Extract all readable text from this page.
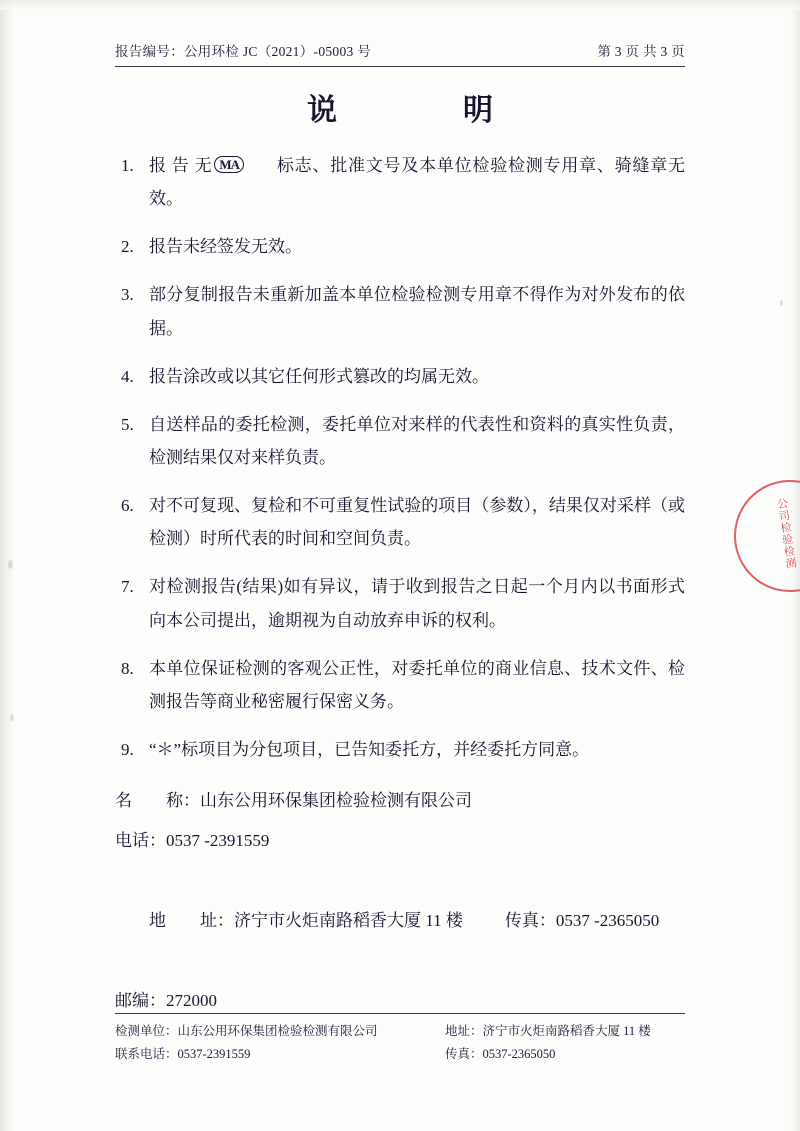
报告编号：公用环检 JC（2021）-05003 号	第 3 页 共 3 页
说　　明
1. 报 告 无 MA 标志、批准文号及本单位检验检测专用章、骑缝章无效。
2. 报告未经签发无效。
3. 部分复制报告未重新加盖本单位检验检测专用章不得作为对外发布的依据。
4. 报告涂改或以其它任何形式篡改的均属无效。
5. 自送样品的委托检测，委托单位对来样的代表性和资料的真实性负责，检测结果仅对来样负责。
6. 对不可复现、复检和不可重复性试验的项目（参数），结果仅对采样（或检测）时所代表的时间和空间负责。
7. 对检测报告(结果)如有异议，请于收到报告之日起一个月内以书面形式向本公司提出，逾期视为自动放弃申诉的权利。
8. 本单位保证检测的客观公正性，对委托单位的商业信息、技术文件、检测报告等商业秘密履行保密义务。
9. “＊”标项目为分包项目，已告知委托方，并经委托方同意。
名　　称：山东公用环保集团检验检测有限公司
电话：0537 -2391559

地　　址：济宁市火炬南路稻香大厦 11 楼 传真：0537 -2365050

邮编：272000
公司检验检测
检测单位：山东公用环保集团检验检测有限公司	地址：济宁市火炬南路稻香大厦 11 楼
联系电话：0537-2391559	传真：0537-2365050
